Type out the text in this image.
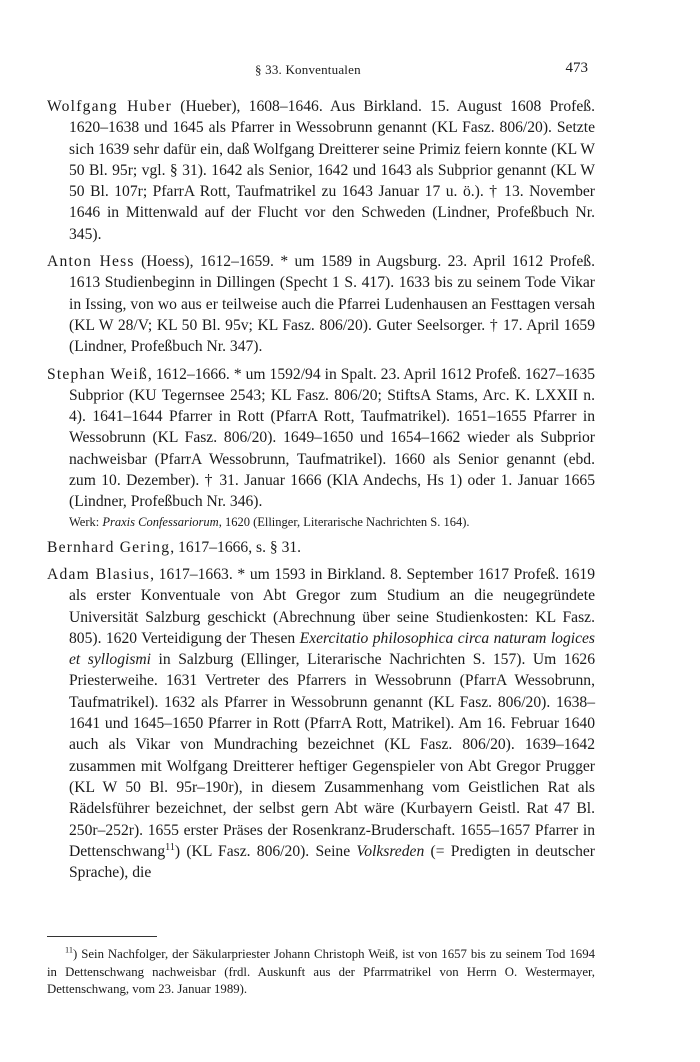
§ 33. Konventualen	473

Wolfgang Huber (Hueber), 1608–1646. Aus Birkland. 15. August 1608 Profeß. 1620–1638 und 1645 als Pfarrer in Wessobrunn genannt (KL Fasz. 806/20). Setzte sich 1639 sehr dafür ein, daß Wolfgang Dreitterer seine Primiz feiern konnte (KL W 50 Bl. 95r; vgl. § 31). 1642 als Senior, 1642 und 1643 als Subprior genannt (KL W 50 Bl. 107r; PfarrA Rott, Taufmatrikel zu 1643 Januar 17 u. ö.). † 13. November 1646 in Mittenwald auf der Flucht vor den Schweden (Lindner, Profeßbuch Nr. 345).

Anton Hess (Hoess), 1612–1659. * um 1589 in Augsburg. 23. April 1612 Profeß. 1613 Studienbeginn in Dillingen (Specht 1 S. 417). 1633 bis zu seinem Tode Vikar in Issing, von wo aus er teilweise auch die Pfarrei Ludenhausen an Festtagen versah (KL W 28/V; KL 50 Bl. 95v; KL Fasz. 806/20). Guter Seelsorger. † 17. April 1659 (Lindner, Profeßbuch Nr. 347).

Stephan Weiß, 1612–1666. * um 1592/94 in Spalt. 23. April 1612 Profeß. 1627–1635 Subprior (KU Tegernsee 2543; KL Fasz. 806/20; StiftsA Stams, Arc. K. LXXII n. 4). 1641–1644 Pfarrer in Rott (PfarrA Rott, Taufmatrikel). 1651–1655 Pfarrer in Wessobrunn (KL Fasz. 806/20). 1649–1650 und 1654–1662 wieder als Subprior nachweisbar (PfarrA Wessobrunn, Taufmatrikel). 1660 als Senior genannt (ebd. zum 10. Dezember). † 31. Januar 1666 (KlA Andechs, Hs 1) oder 1. Januar 1665 (Lindner, Profeßbuch Nr. 346).

Werk: Praxis Confessariorum, 1620 (Ellinger, Literarische Nachrichten S. 164).

Bernhard Gering, 1617–1666, s. § 31.

Adam Blasius, 1617–1663. * um 1593 in Birkland. 8. September 1617 Profeß. 1619 als erster Konventuale von Abt Gregor zum Studium an die neugegründete Universität Salzburg geschickt (Abrechnung über seine Studienkosten: KL Fasz. 805). 1620 Verteidigung der Thesen Exercitatio philosophica circa naturam logices et syllogismi in Salzburg (Ellinger, Literarische Nachrichten S. 157). Um 1626 Priesterweihe. 1631 Vertreter des Pfarrers in Wessobrunn (PfarrA Wessobrunn, Taufmatrikel). 1632 als Pfarrer in Wessobrunn genannt (KL Fasz. 806/20). 1638–1641 und 1645–1650 Pfarrer in Rott (PfarrA Rott, Matrikel). Am 16. Februar 1640 auch als Vikar von Mundraching bezeichnet (KL Fasz. 806/20). 1639–1642 zusammen mit Wolfgang Dreitterer heftiger Gegenspieler von Abt Gregor Prugger (KL W 50 Bl. 95r–190r), in diesem Zusammenhang vom Geistlichen Rat als Rädelsführer bezeichnet, der selbst gern Abt wäre (Kurbayern Geistl. Rat 47 Bl. 250r–252r). 1655 erster Präses der Rosenkranz-Bruderschaft. 1655–1657 Pfarrer in Dettenschwang$^{11}$) (KL Fasz. 806/20). Seine Volksreden (= Predigten in deutscher Sprache), die

$^{11}$) Sein Nachfolger, der Säkularpriester Johann Christoph Weiß, ist von 1657 bis zu seinem Tod 1694 in Dettenschwang nachweisbar (frdl. Auskunft aus der Pfarrmatrikel von Herrn O. Westermayer, Dettenschwang, vom 23. Januar 1989).
